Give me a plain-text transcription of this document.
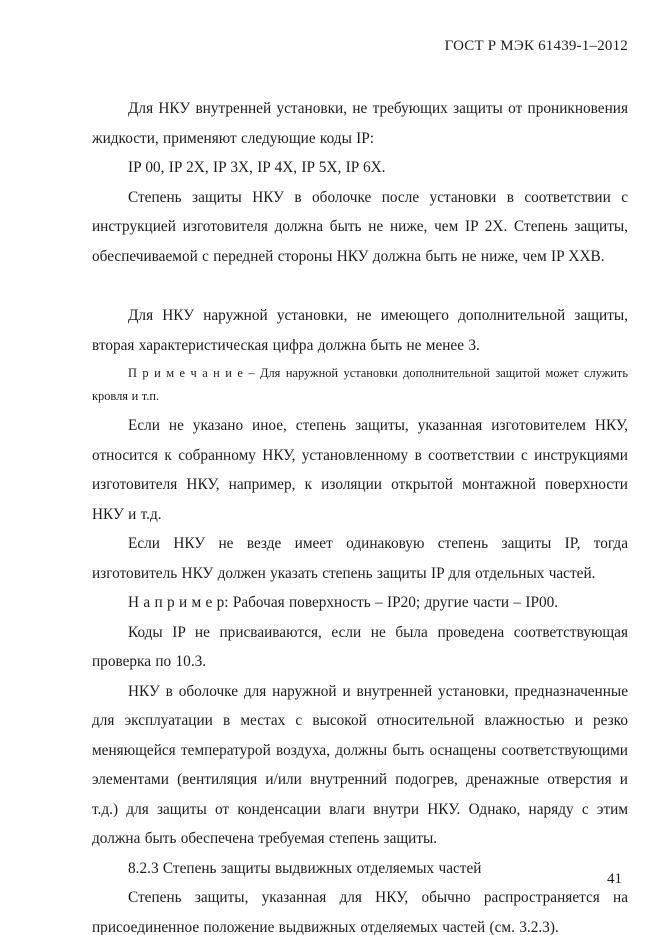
ГОСТ Р МЭК 61439-1–2012

Для НКУ внутренней установки, не требующих защиты от проникновения жидкости, применяют следующие коды IP:

IP 00, IP 2X, IP 3X, IP 4X, IP 5X, IP 6X.

Степень защиты НКУ в оболочке после установки в соответствии с инструкцией изготовителя должна быть не ниже, чем IP 2X. Степень защиты, обеспечиваемой с передней стороны НКУ должна быть не ниже, чем IP XXB.

Для НКУ наружной установки, не имеющего дополнительной защиты, вторая характеристическая цифра должна быть не менее 3.

П р и м е ч а н и е – Для наружной установки дополнительной защитой может служить кровля и т.п.

Если не указано иное, степень защиты, указанная изготовителем НКУ, относится к собранному НКУ, установленному в соответствии с инструкциями изготовителя НКУ, например, к изоляции открытой монтажной поверхности НКУ и т.д.

Если НКУ не везде имеет одинаковую степень защиты IP, тогда изготовитель НКУ должен указать степень защиты IP для отдельных частей.

Н а п р и м е р: Рабочая поверхность – IP20; другие части – IP00.

Коды IP не присваиваются, если не была проведена соответствующая проверка по 10.3.

НКУ в оболочке для наружной и внутренней установки, предназначенные для эксплуатации в местах с высокой относительной влажностью и резко меняющейся температурой воздуха, должны быть оснащены соответствующими элементами (вентиляция и/или внутренний подогрев, дренажные отверстия и т.д.) для защиты от конденсации влаги внутри НКУ. Однако, наряду с этим должна быть обеспечена требуемая степень защиты.

8.2.3 Степень защиты выдвижных отделяемых частей

Степень защиты, указанная для НКУ, обычно распространяется на присоединенное положение выдвижных отделяемых частей (см. 3.2.3).

41
